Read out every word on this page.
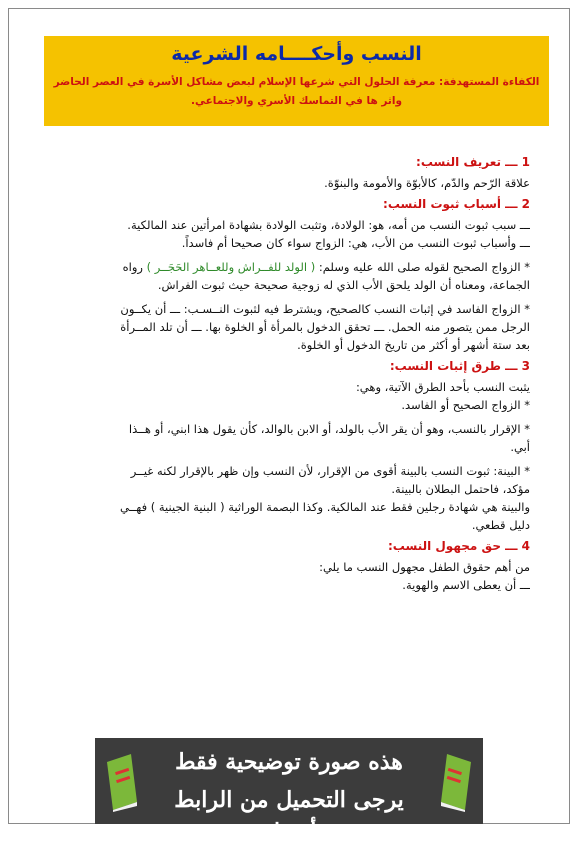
النسب وأحكــــامه الشرعية
الكفاءة المستهدفة: معرفة الحلول التي شرعها الإسلام لبعض مشاكل الأسرة في العصر الحاضر واثر ها في التماسك الأسري والاجتماعي.
1 ـــ تعريف النسب:
علاقة الرّحم والدّم، كالأبوّة والأمومة والبنوّة.
2 ـــ أسباب ثبوت النسب:
ـــ سبب ثبوت النسب من أمه، هو: الولادة، وتثبت الولادة بشهادة امرأتين عند المالكية.
ـــ وأسباب ثبوت النسب من الأب، هي: الزواج سواء كان صحيحا أم فاسداً.
* الزواج الصحيح لقوله صلى الله عليه وسلم: ( الولد للفــراش وللعــاهر الحَجَــر ) رواه
الجماعة، ومعناه أن الولد يلحق الأب الذي له زوجية صحيحة حيث ثبوت الفراش.
* الزواج الفاسد في إثبات النسب كالصحيح، ويشترط فيه لثبوت النــسـب: ـــ أن يكــون
الرجل ممن يتصور منه الحمل. ـــ تحقق الدخول بالمرأة أو الخلوة بها. ـــ أن تلد المــرأة
بعد ستة أشهر أو أكثر من تاريخ الدخول أو الخلوة.
3 ـــ طرق إثبات النسب:
يثبت النسب بأحد الطرق الآتية، وهي:
* الزواج الصحيح أو الفاسد.
* الإقرار بالنسب، وهو أن يقر الأب بالولد، أو الابن بالوالد، كأن يقول هذا ابني، أو هــذا
أبي.
* البينة: ثبوت النسب بالبينة أقوى من الإقرار، لأن النسب وإن ظهر بالإقرار لكنه غيــر
مؤكد، فاحتمل البطلان بالبينة.
والبينة هي شهادة رجلين فقط عند المالكية. وكذا البصمة الوراثية ( البنية الجينية ) فهــي
دليل قطعي.
4 ـــ حق مجهول النسب:
من أهم حقوق الطفل مجهول النسب ما يلي:
ـــ أن يعطى الاسم والهوية.
هذه صورة توضيحية فقط
يرجى التحميل من الرابط أسفله
